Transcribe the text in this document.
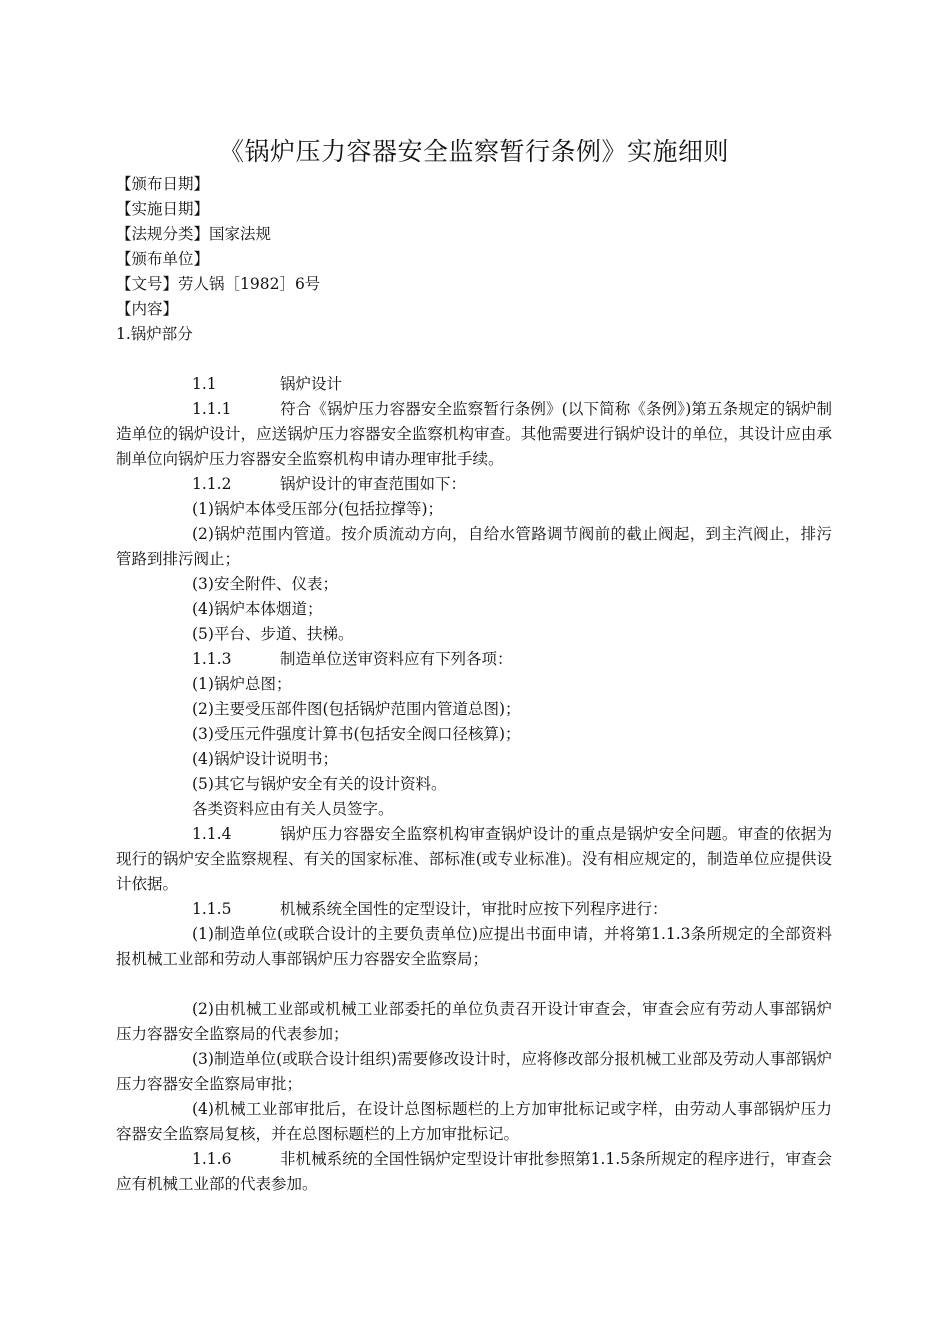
《锅炉压力容器安全监察暂行条例》实施细则

【颁布日期】

【实施日期】

【法规分类】国家法规

【颁布单位】

【文号】劳人锅［1982］6号

【内容】

1.锅炉部分

1.1	锅炉设计

1.1.1	符合《锅炉压力容器安全监察暂行条例》(以下简称《条例》)第五条规定的锅炉制造单位的锅炉设计，应送锅炉压力容器安全监察机构审查。其他需要进行锅炉设计的单位，其设计应由承制单位向锅炉压力容器安全监察机构申请办理审批手续。

1.1.2	锅炉设计的审查范围如下：

(1)锅炉本体受压部分(包括拉撑等)；

(2)锅炉范围内管道。按介质流动方向，自给水管路调节阀前的截止阀起，到主汽阀止，排污管路到排污阀止；

(3)安全附件、仪表；

(4)锅炉本体烟道；

(5)平台、步道、扶梯。

1.1.3	制造单位送审资料应有下列各项：

(1)锅炉总图；

(2)主要受压部件图(包括锅炉范围内管道总图)；

(3)受压元件强度计算书(包括安全阀口径核算)；

(4)锅炉设计说明书；

(5)其它与锅炉安全有关的设计资料。

各类资料应由有关人员签字。

1.1.4	锅炉压力容器安全监察机构审查锅炉设计的重点是锅炉安全问题。审查的依据为现行的锅炉安全监察规程、有关的国家标准、部标准(或专业标准)。没有相应规定的，制造单位应提供设计依据。

1.1.5	机械系统全国性的定型设计，审批时应按下列程序进行：

(1)制造单位(或联合设计的主要负责单位)应提出书面申请，并将第1.1.3条所规定的全部资料报机械工业部和劳动人事部锅炉压力容器安全监察局；

(2)由机械工业部或机械工业部委托的单位负责召开设计审查会，审查会应有劳动人事部锅炉压力容器安全监察局的代表参加；

(3)制造单位(或联合设计组织)需要修改设计时，应将修改部分报机械工业部及劳动人事部锅炉压力容器安全监察局审批；

(4)机械工业部审批后，在设计总图标题栏的上方加审批标记或字样，由劳动人事部锅炉压力容器安全监察局复核，并在总图标题栏的上方加审批标记。

1.1.6	非机械系统的全国性锅炉定型设计审批参照第1.1.5条所规定的程序进行，审查会应有机械工业部的代表参加。
